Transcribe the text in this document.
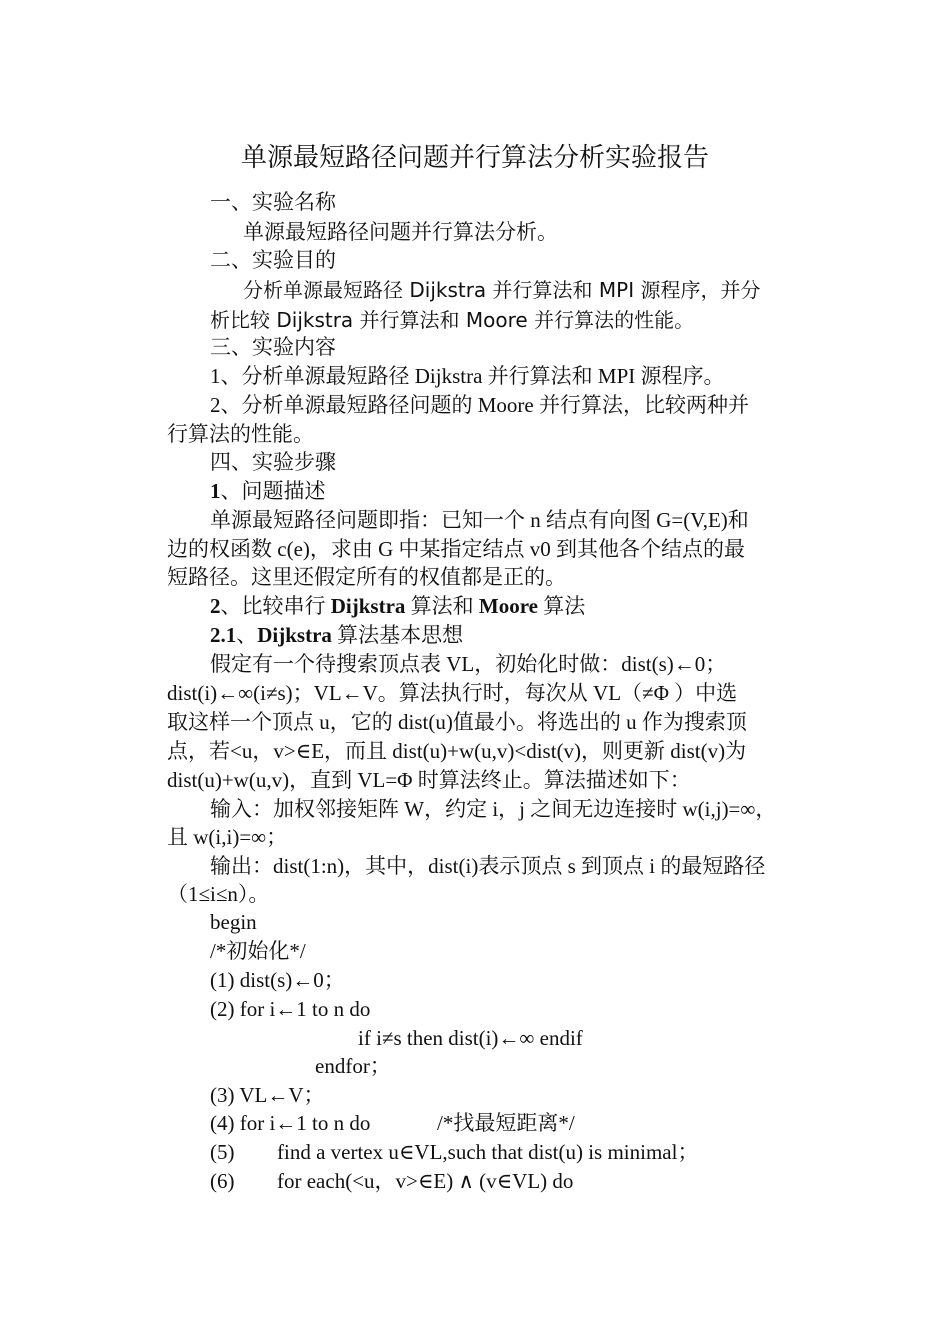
单源最短路径问题并行算法分析实验报告
一、实验名称
单源最短路径问题并行算法分析。
二、实验目的
分析单源最短路径 Dijkstra 并行算法和 MPI 源程序，并分
析比较 Dijkstra 并行算法和 Moore 并行算法的性能。
三、实验内容
1、分析单源最短路径 Dijkstra 并行算法和 MPI 源程序。
2、分析单源最短路径问题的 Moore 并行算法，比较两种并
行算法的性能。
四、实验步骤
1、问题描述
单源最短路径问题即指：已知一个 n 结点有向图 G=(V,E)和
边的权函数 c(e)，求由 G 中某指定结点 v0 到其他各个结点的最
短路径。这里还假定所有的权值都是正的。
2、比较串行 Dijkstra 算法和 Moore 算法
2.1、Dijkstra 算法基本思想
假定有一个待搜索顶点表 VL，初始化时做：dist(s)←0；
dist(i)←∞(i≠s)；VL←V。算法执行时，每次从 VL（≠Φ ）中选
取这样一个顶点 u，它的 dist(u)值最小。将选出的 u 作为搜索顶
点，若<u，v>∈E，而且 dist(u)+w(u,v)<dist(v)，则更新 dist(v)为
dist(u)+w(u,v)，直到 VL=Φ 时算法终止。算法描述如下：
输入：加权邻接矩阵 W，约定 i，j 之间无边连接时 w(i,j)=∞，
且 w(i,i)=∞；
输出：dist(1:n)，其中，dist(i)表示顶点 s 到顶点 i 的最短路径
（1≤i≤n）。
begin
/*初始化*/
(1) dist(s)←0；
(2) for i←1 to n do
if i≠s then dist(i)←∞ endif
endfor；
(3) VL←V；
(4) for i←1 to n do	/*找最短距离*/
(5) find a vertex u∈VL,such that dist(u) is minimal；
(6) for each(<u，v>∈E) ∧ (v∈VL) do
